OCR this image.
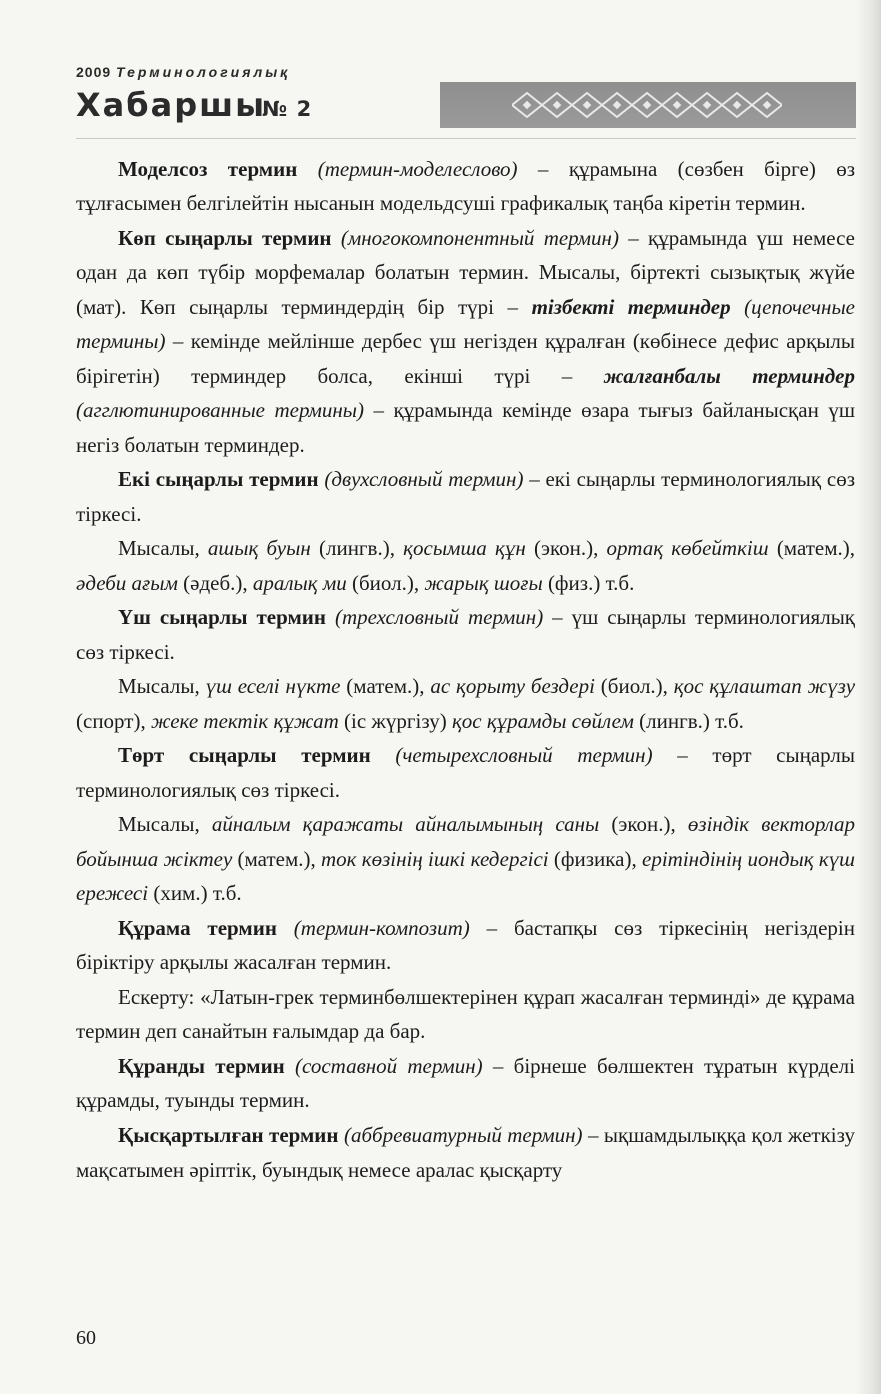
2009 Терминологиялық
Хабаршы
№ 2

Моделсоз термин (термин-моделеслово) – құрамына (сөзбен бірге) өз тұлғасымен белгілейтін нысанын модельдсуші графикалық таңба кіретін термин.

Көп сыңарлы термин (многокомпонентный термин) – құрамында үш немесе одан да көп түбір морфемалар болатын термин. Мысалы, біртекті сызықтық жүйе (мат). Көп сыңарлы терминдердің бір түрі – тізбекті терминдер (цепочечные термины) – кемінде мейлінше дербес үш негізден құралған (көбінесе дефис арқылы бірігетін) терминдер болса, екінші түрі – жалғанбалы терминдер (агглютинированные термины) – құрамында кемінде өзара тығыз байланысқан үш негіз болатын терминдер.

Екі сыңарлы термин (двухсловный термин) – екі сыңарлы терминологиялық сөз тіркесі.

Мысалы, ашық буын (лингв.), қосымша құн (экон.), ортақ көбейткіш (матем.), әдеби ағым (әдеб.), аралық ми (биол.), жарық шоғы (физ.) т.б.

Үш сыңарлы термин (трехсловный термин) – үш сыңарлы терминологиялық сөз тіркесі.

Мысалы, үш еселі нүкте (матем.), ас қорыту бездері (биол.), қос құлаштап жүзу (спорт), жеке тектік құжат (іс жүргізу) қос құрамды сөйлем (лингв.) т.б.

Төрт сыңарлы термин (четырехсловный термин) – төрт сыңарлы терминологиялық сөз тіркесі.

Мысалы, айналым қаражаты айналымының саны (экон.), өзіндік векторлар бойынша жіктеу (матем.), ток көзінің ішкі кедергісі (физика), ерітіндінің иондық күш ережесі (хим.) т.б.

Құрама термин (термин-композит) – бастапқы сөз тіркесінің негіздерін біріктіру арқылы жасалған термин.

Ескерту: «Латын-грек терминбөлшектерінен құрап жасалған терминді» де құрама термин деп санайтын ғалымдар да бар.

Құранды термин (составной термин) – бірнеше бөлшектен тұратын күрделі құрамды, туынды термин.

Қысқартылған термин (аббревиатурный термин) – ықшамдылыққа қол жеткізу мақсатымен әріптік, буындық немесе аралас қысқарту

60
